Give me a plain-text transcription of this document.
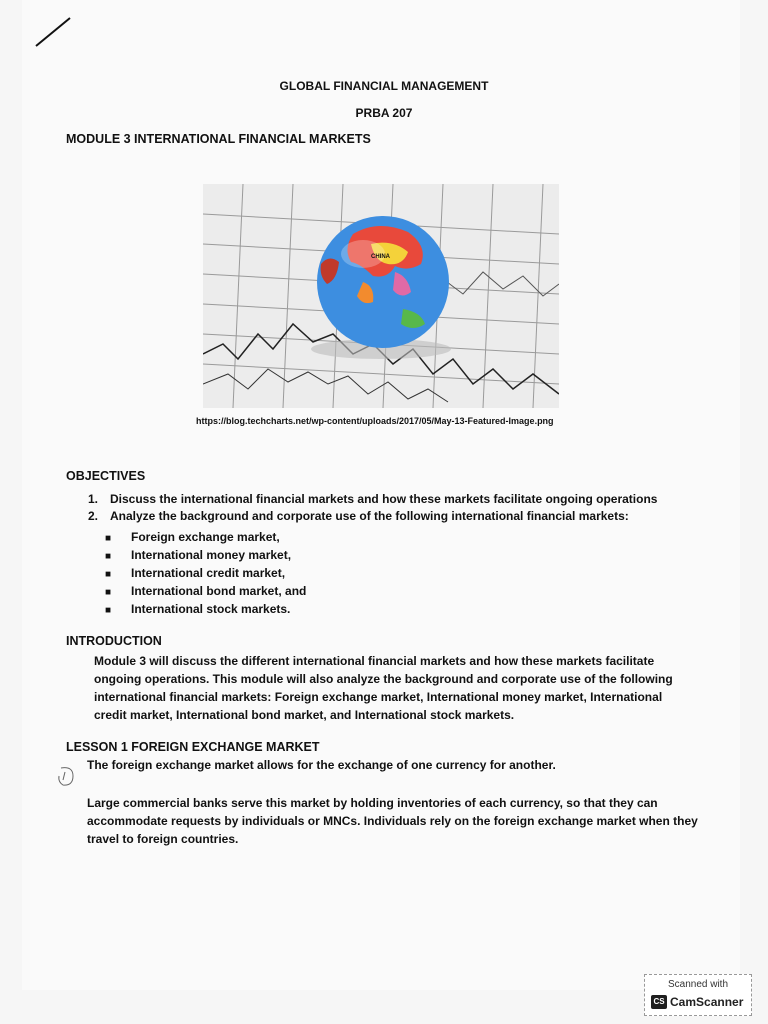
GLOBAL FINANCIAL MANAGEMENT
PRBA 207
MODULE 3 INTERNATIONAL FINANCIAL MARKETS
CHINA
https://blog.techcharts.net/wp-content/uploads/2017/05/May-13-Featured-Image.png
OBJECTIVES
1. Discuss the international financial markets and how these markets facilitate ongoing operations
2. Analyze the background and corporate use of the following international financial markets:
■ Foreign exchange market,
■ International money market,
■ International credit market,
■ International bond market, and
■ International stock markets.
INTRODUCTION
Module 3 will discuss the different international financial markets and how these markets facilitate
ongoing operations. This module will also analyze the background and corporate use of the following
international financial markets: Foreign exchange market, International money market, International
credit market, International bond market, and International stock markets.
LESSON 1 FOREIGN EXCHANGE MARKET
The foreign exchange market allows for the exchange of one currency for another.
Large commercial banks serve this market by holding inventories of each currency, so that they can
accommodate requests by individuals or MNCs. Individuals rely on the foreign exchange market when they
travel to foreign countries.
Scanned with
CS CamScanner
